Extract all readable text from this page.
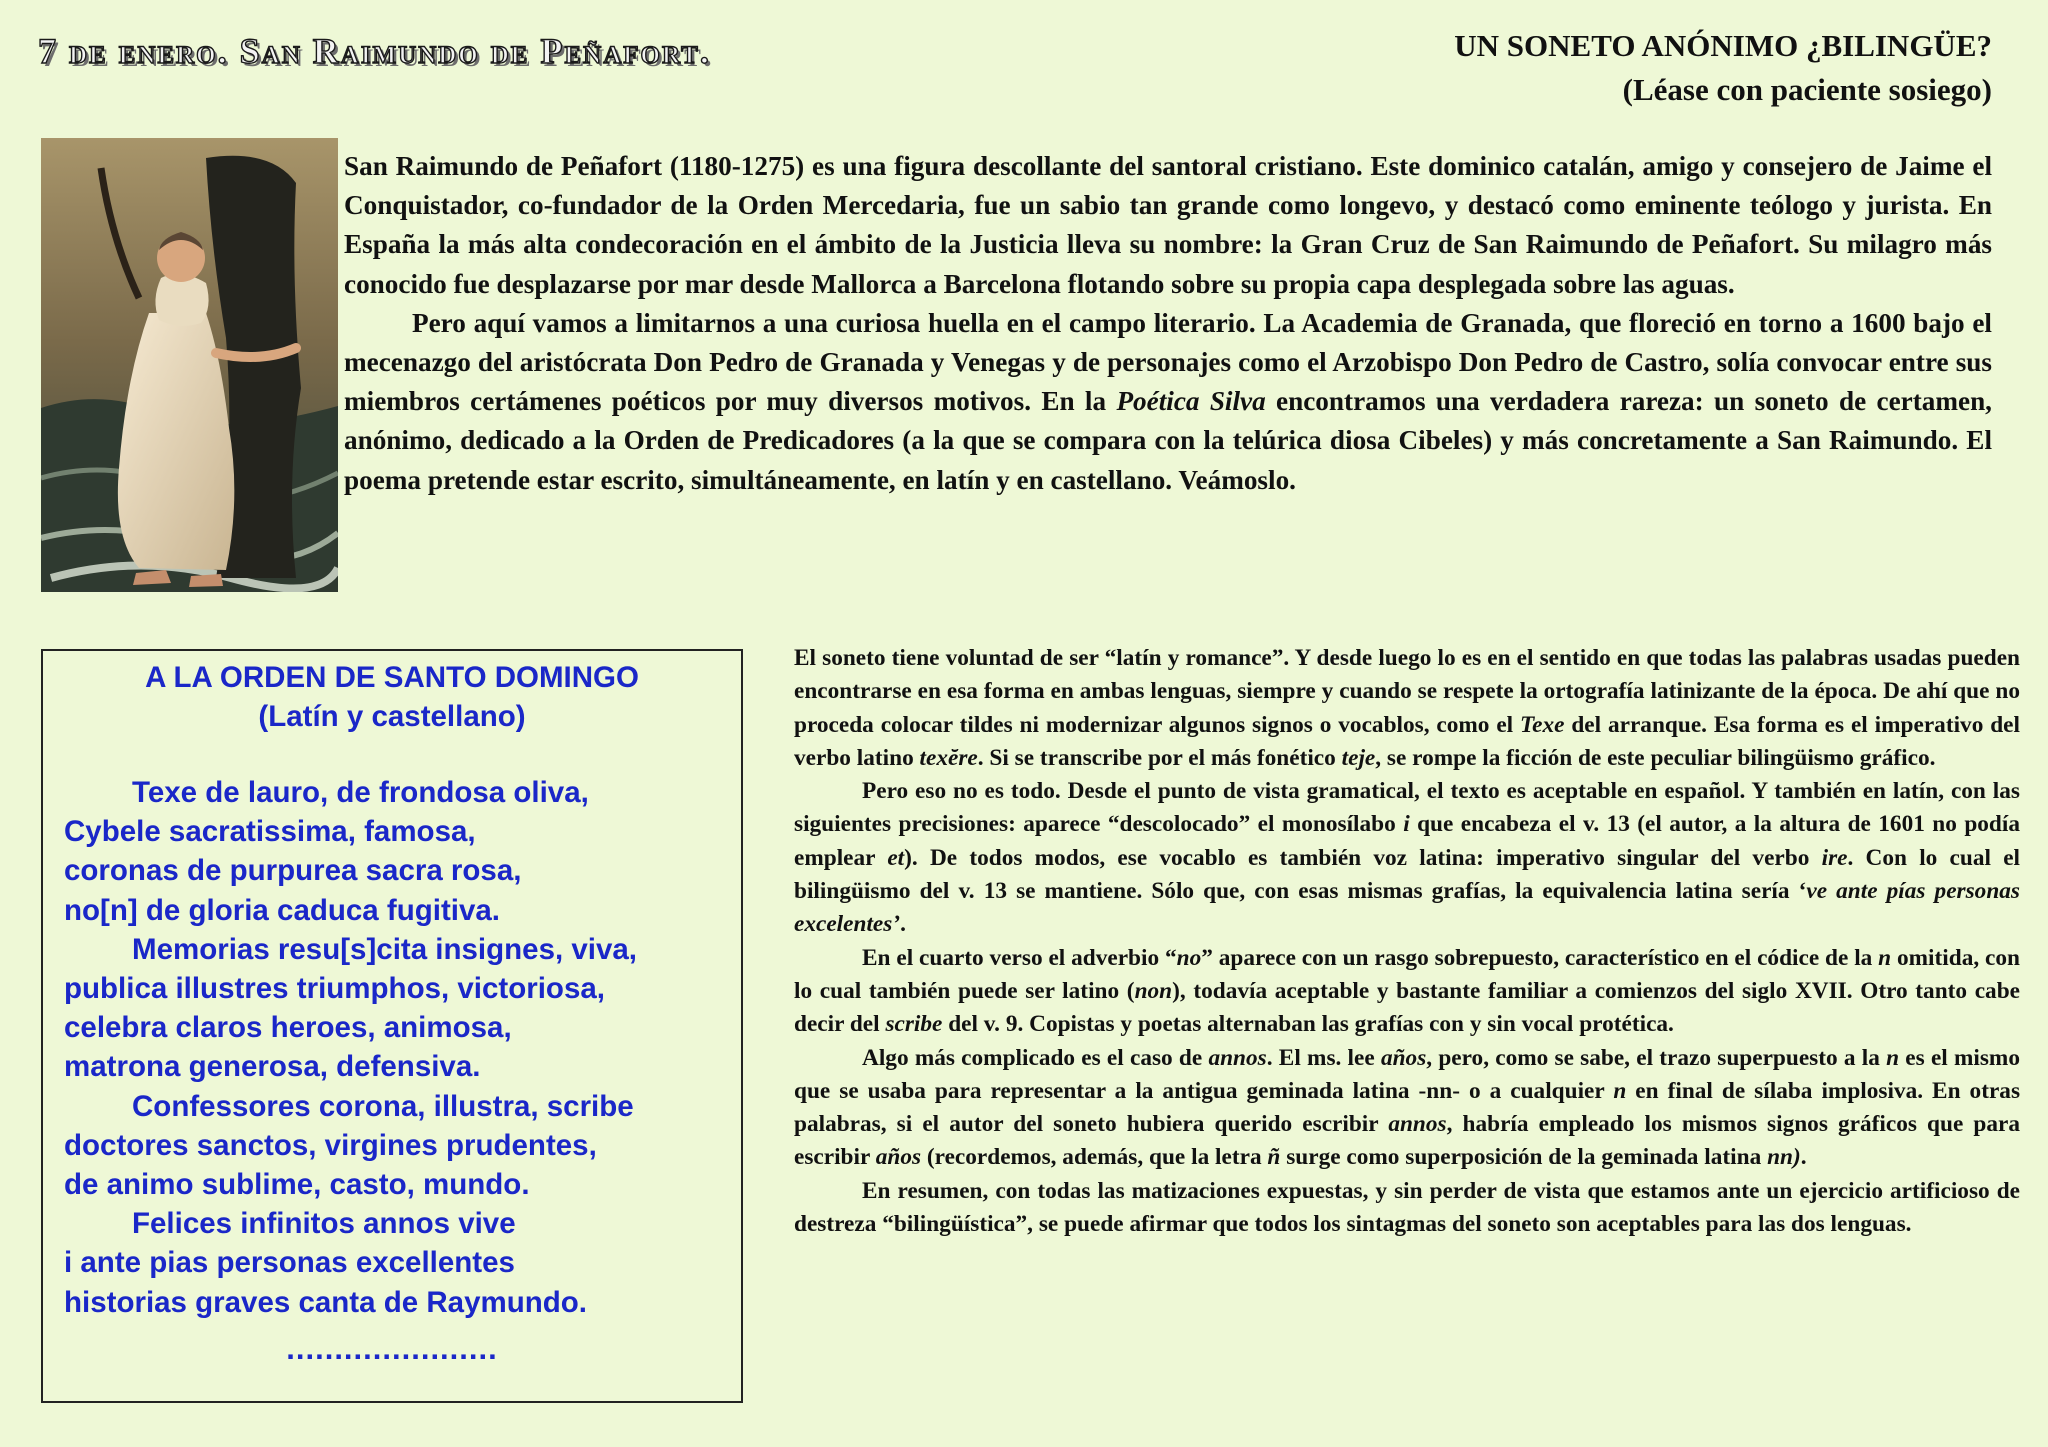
7 de enero. San Raimundo de Peñafort.	UN SONETO ANÓNIMO ¿BILINGÜE?
(Léase con paciente sosiego)

San Raimundo de Peñafort (1180-1275) es una figura descollante del santoral cristiano. Este dominico catalán, amigo y consejero de Jaime el Conquistador, co-fundador de la Orden Mercedaria, fue un sabio tan grande como longevo, y destacó como eminente teólogo y jurista. En España la más alta condecoración en el ámbito de la Justicia lleva su nombre: la Gran Cruz de San Raimundo de Peñafort. Su milagro más conocido fue desplazarse por mar desde Mallorca a Barcelona flotando sobre su propia capa desplegada sobre las aguas.

Pero aquí vamos a limitarnos a una curiosa huella en el campo literario. La Academia de Granada, que floreció en torno a 1600 bajo el mecenazgo del aristócrata Don Pedro de Granada y Venegas y de personajes como el Arzobispo Don Pedro de Castro, solía convocar entre sus miembros certámenes poéticos por muy diversos motivos. En la Poética Silva encontramos una verdadera rareza: un soneto de certamen, anónimo, dedicado a la Orden de Predicadores (a la que se compara con la telúrica diosa Cibeles) y más concretamente a San Raimundo. El poema pretende estar escrito, simultáneamente, en latín y en castellano. Veámoslo.

A LA ORDEN DE SANTO DOMINGO
(Latín y castellano)
Texe de lauro, de frondosa oliva,
Cybele sacratissima, famosa,
coronas de purpurea sacra rosa,
no[n] de gloria caduca fugitiva.
Memorias resu[s]cita insignes, viva,
publica illustres triumphos, victoriosa,
celebra claros heroes, animosa,
matrona generosa, defensiva.
Confessores corona, illustra, scribe
doctores sanctos, virgines prudentes,
de animo sublime, casto, mundo.
Felices infinitos annos vive
i ante pias personas excellentes
historias graves canta de Raymundo.
......................

El soneto tiene voluntad de ser “latín y romance”. Y desde luego lo es en el sentido en que todas las palabras usadas pueden encontrarse en esa forma en ambas lenguas, siempre y cuando se respete la ortografía latinizante de la época. De ahí que no proceda colocar tildes ni modernizar algunos signos o vocablos, como el Texe del arranque. Esa forma es el imperativo del verbo latino texĕre. Si se transcribe por el más fonético teje, se rompe la ficción de este peculiar bilingüismo gráfico.

Pero eso no es todo. Desde el punto de vista gramatical, el texto es aceptable en español. Y también en latín, con las siguientes precisiones: aparece “descolocado” el monosílabo i que encabeza el v. 13 (el autor, a la altura de 1601 no podía emplear et). De todos modos, ese vocablo es también voz latina: imperativo singular del verbo ire. Con lo cual el bilingüismo del v. 13 se mantiene. Sólo que, con esas mismas grafías, la equivalencia latina sería ‘ve ante pías personas excelentes’.

En el cuarto verso el adverbio “no” aparece con un rasgo sobrepuesto, característico en el códice de la n omitida, con lo cual también puede ser latino (non), todavía aceptable y bastante familiar a comienzos del siglo XVII. Otro tanto cabe decir del scribe del v. 9. Copistas y poetas alternaban las grafías con y sin vocal protética.

Algo más complicado es el caso de annos. El ms. lee años, pero, como se sabe, el trazo superpuesto a la n es el mismo que se usaba para representar a la antigua geminada latina -nn- o a cualquier n en final de sílaba implosiva. En otras palabras, si el autor del soneto hubiera querido escribir annos, habría empleado los mismos signos gráficos que para escribir años (recordemos, además, que la letra ñ surge como superposición de la geminada latina nn).

En resumen, con todas las matizaciones expuestas, y sin perder de vista que estamos ante un ejercicio artificioso de destreza “bilingüística”, se puede afirmar que todos los sintagmas del soneto son aceptables para las dos lenguas.
